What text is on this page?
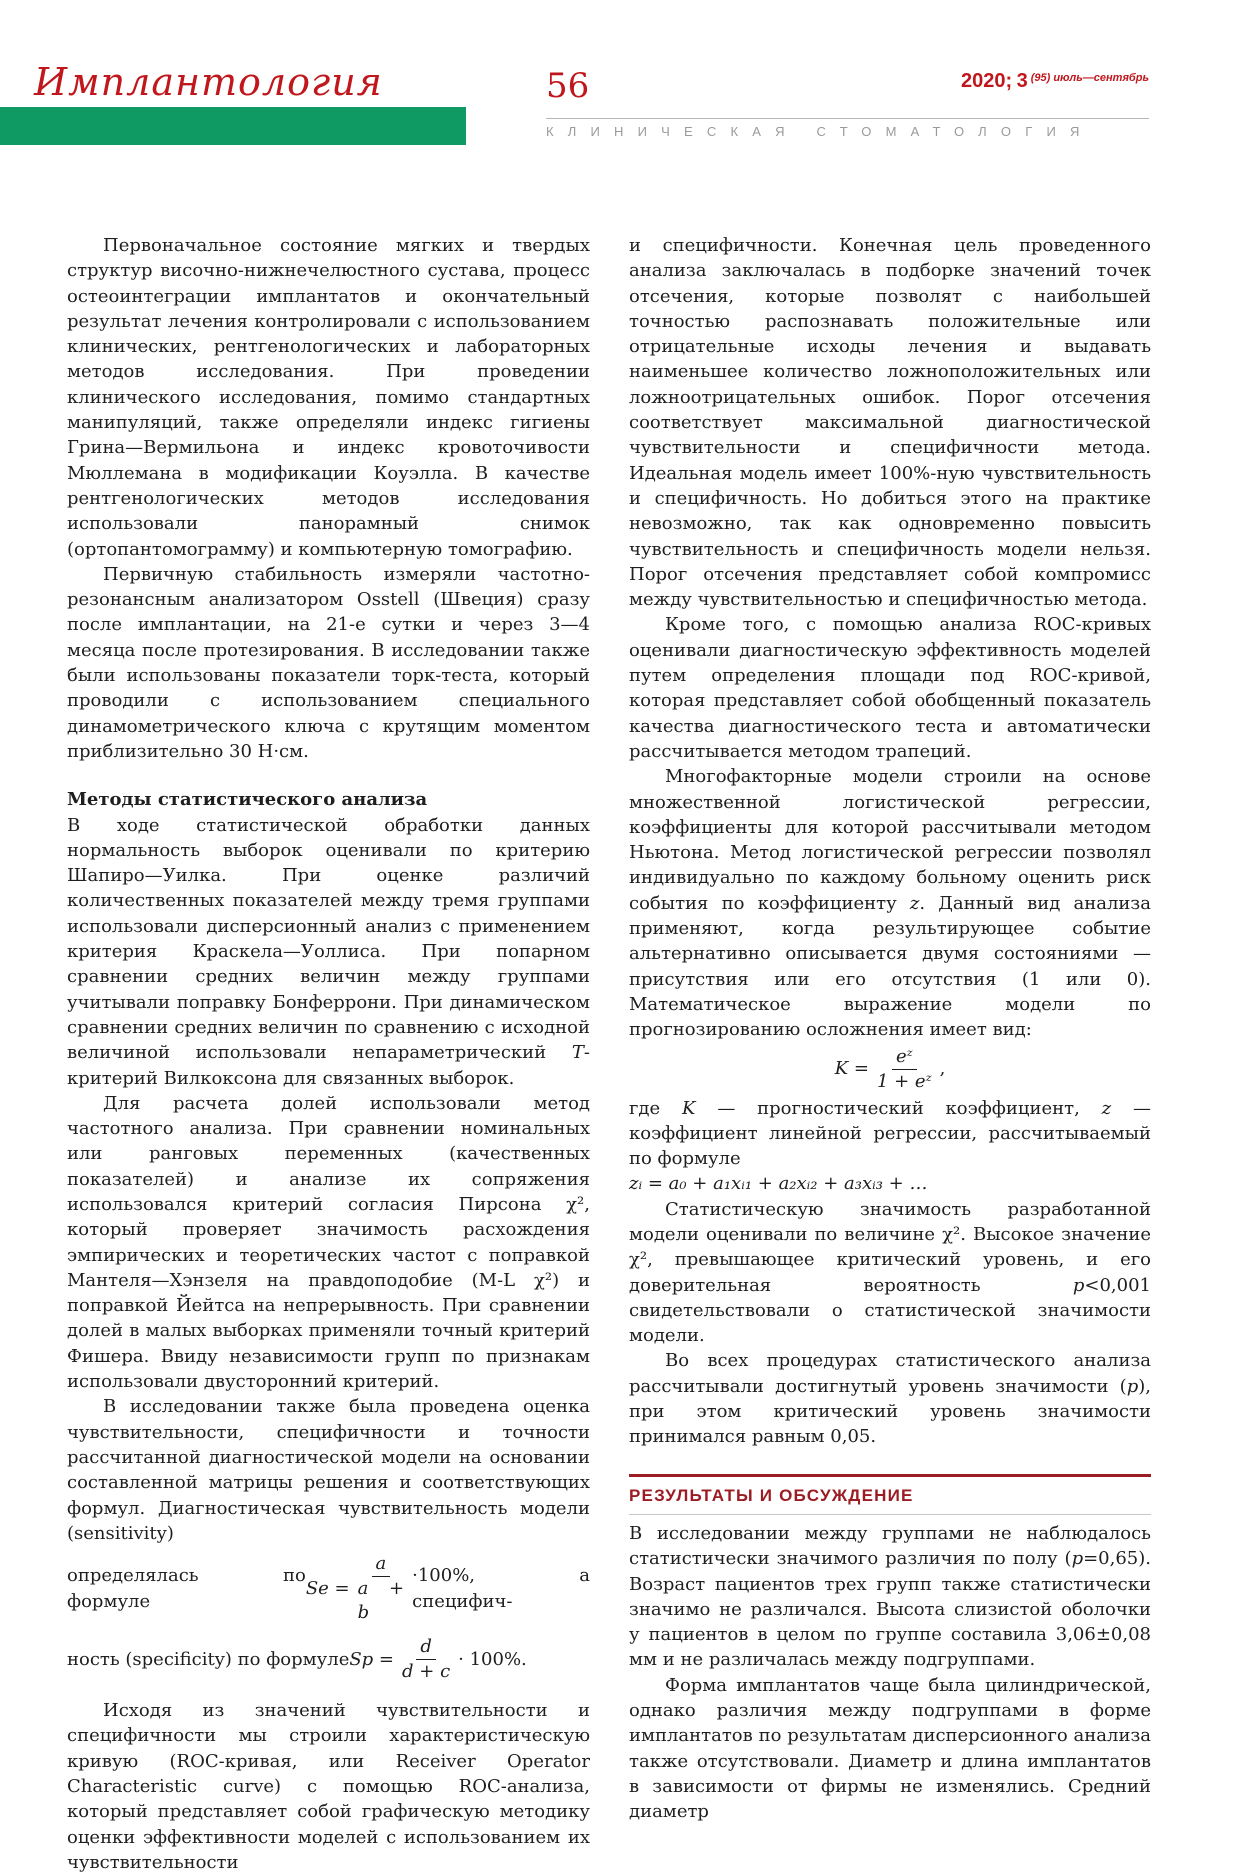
Имплантология	56	2020; 3 $^{(95) июль—сентябрь}$
КЛИНИЧЕСКАЯ СТОМАТОЛОГИЯ

Первоначальное состояние мягких и твердых структур височно-нижнечелюстного сустава, процесс остеоинтеграции имплантатов и окончательный результат лечения контролировали с использованием клинических, рентгенологических и лабораторных методов исследования. При проведении клинического исследования, помимо стандартных манипуляций, также определяли индекс гигиены Грина—Вермильона и индекс кровоточивости Мюллемана в модификации Коуэлла. В качестве рентгенологических методов исследования использовали панорамный снимок (ортопантомограмму) и компьютерную томографию.

Первичную стабильность измеряли частотно-резонансным анализатором Osstell (Швеция) сразу после имплантации, на 21-е сутки и через 3—4 месяца после протезирования. В исследовании также были использованы показатели торк-теста, который проводили с использованием специального динамометрического ключа с крутящим моментом приблизительно 30 Н·см.

Методы статистического анализа

В ходе статистической обработки данных нормальность выборок оценивали по критерию Шапиро—Уилка. При оценке различий количественных показателей между тремя группами использовали дисперсионный анализ с применением критерия Краскела—Уоллиса. При попарном сравнении средних величин между группами учитывали поправку Бонферрони. При динамическом сравнении средних величин по сравнению с исходной величиной использовали непараметрический T-критерий Вилкоксона для связанных выборок.

Для расчета долей использовали метод частотного анализа. При сравнении номинальных или ранговых переменных (качественных показателей) и анализе их сопряжения использовался критерий согласия Пирсона χ², который проверяет значимость расхождения эмпирических и теоретических частот с поправкой Мантеля—Хэнзеля на правдоподобие (M-L χ²) и поправкой Йейтса на непрерывность. При сравнении долей в малых выборках применяли точный критерий Фишера. Ввиду независимости групп по признакам использовали двусторонний критерий.

В исследовании также была проведена оценка чувствительности, специфичности и точности рассчитанной диагностической модели на основании составленной матрицы решения и соответствующих формул. Диагностическая чувствительность модели (sensitivity)

определялась по формуле
$Se = \frac{a}{a + b} \cdot 100\%$, а специфич-
ность (specificity) по формуле $Sp = \frac{d}{d + c} \cdot 100\%$.

Исходя из значений чувствительности и специфичности мы строили характеристическую кривую (ROC-кривая, или Receiver Operator Characteristic curve) с помощью ROC-анализа, который представляет собой графическую методику оценки эффективности моделей с использованием их чувствительности

и специфичности. Конечная цель проведенного анализа заключалась в подборке значений точек отсечения, которые позволят с наибольшей точностью распознавать положительные или отрицательные исходы лечения и выдавать наименьшее количество ложноположительных или ложноотрицательных ошибок. Порог отсечения соответствует максимальной диагностической чувствительности и специфичности метода. Идеальная модель имеет 100%-ную чувствительность и специфичность. Но добиться этого на практике невозможно, так как одновременно повысить чувствительность и специфичность модели нельзя. Порог отсечения представляет собой компромисс между чувствительностью и специфичностью метода.

Кроме того, с помощью анализа ROC-кривых оценивали диагностическую эффективность моделей путем определения площади под ROC-кривой, которая представляет собой обобщенный показатель качества диагностического теста и автоматически рассчитывается методом трапеций.

Многофакторные модели строили на основе множественной логистической регрессии, коэффициенты для которой рассчитывали методом Ньютона. Метод логистической регрессии позволял индивидуально по каждому больному оценить риск события по коэффициенту z. Данный вид анализа применяют, когда результирующее событие альтернативно описывается двумя состояниями — присутствия или его отсутствия (1 или 0). Математическое выражение модели по прогнозированию осложнения имеет вид:

$K = \frac{\text{eᶻ}}{\text{1 + eᶻ}}$ ,

где K — прогностический коэффициент, z — коэффициент линейной регрессии, рассчитываемый по формуле

zᵢ = a₀ + a₁xᵢ₁ + a₂xᵢ₂ + a₃xᵢ₃ + …

Статистическую значимость разработанной модели оценивали по величине χ². Высокое значение χ², превышающее критический уровень, и его доверительная вероятность p<0,001 свидетельствовали о статистической значимости модели.

Во всех процедурах статистического анализа рассчитывали достигнутый уровень значимости (p), при этом критический уровень значимости принимался равным 0,05.

РЕЗУЛЬТАТЫ И ОБСУЖДЕНИЕ

В исследовании между группами не наблюдалось статистически значимого различия по полу (p=0,65). Возраст пациентов трех групп также статистически значимо не различался. Высота слизистой оболочки у пациентов в целом по группе составила 3,06±0,08 мм и не различалась между подгруппами.

Форма имплантатов чаще была цилиндрической, однако различия между подгруппами в форме имплантатов по результатам дисперсионного анализа также отсутствовали. Диаметр и длина имплантатов в зависимости от фирмы не изменялись. Средний диаметр
